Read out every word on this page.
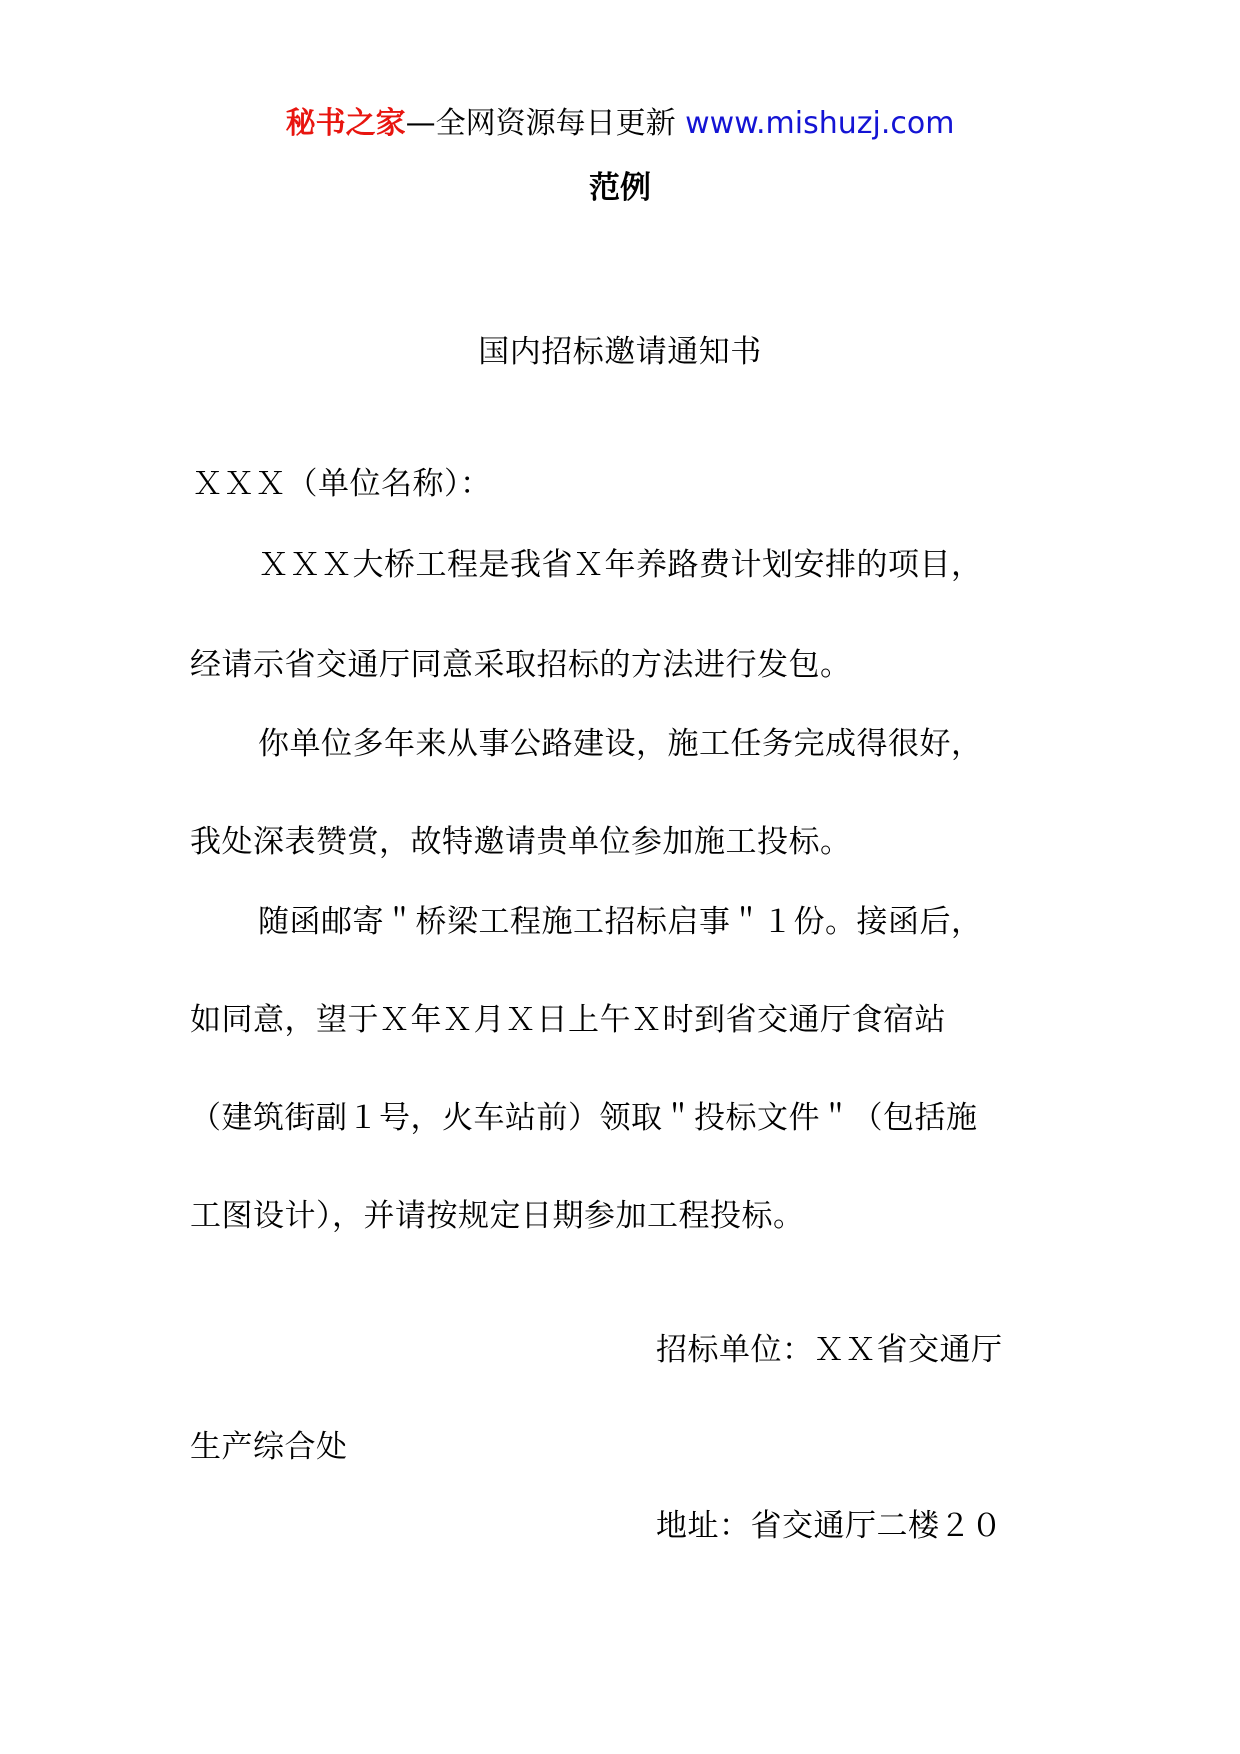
秘书之家—全网资源每日更新 www.mishuzj.com
范例
国内招标邀请通知书
ＸＸＸ（单位名称）：
ＸＸＸ大桥工程是我省Ｘ年养路费计划安排的项目，
经请示省交通厅同意采取招标的方法进行发包。
你单位多年来从事公路建设，施工任务完成得很好，
我处深表赞赏，故特邀请贵单位参加施工投标。
随函邮寄＂桥梁工程施工招标启事＂１份。接函后，
如同意，望于Ｘ年Ｘ月Ｘ日上午Ｘ时到省交通厅食宿站
（建筑街副１号，火车站前）领取＂投标文件＂（包括施
工图设计），并请按规定日期参加工程投标。
招标单位：ＸＸ省交通厅
生产综合处
地址：省交通厅二楼２０
